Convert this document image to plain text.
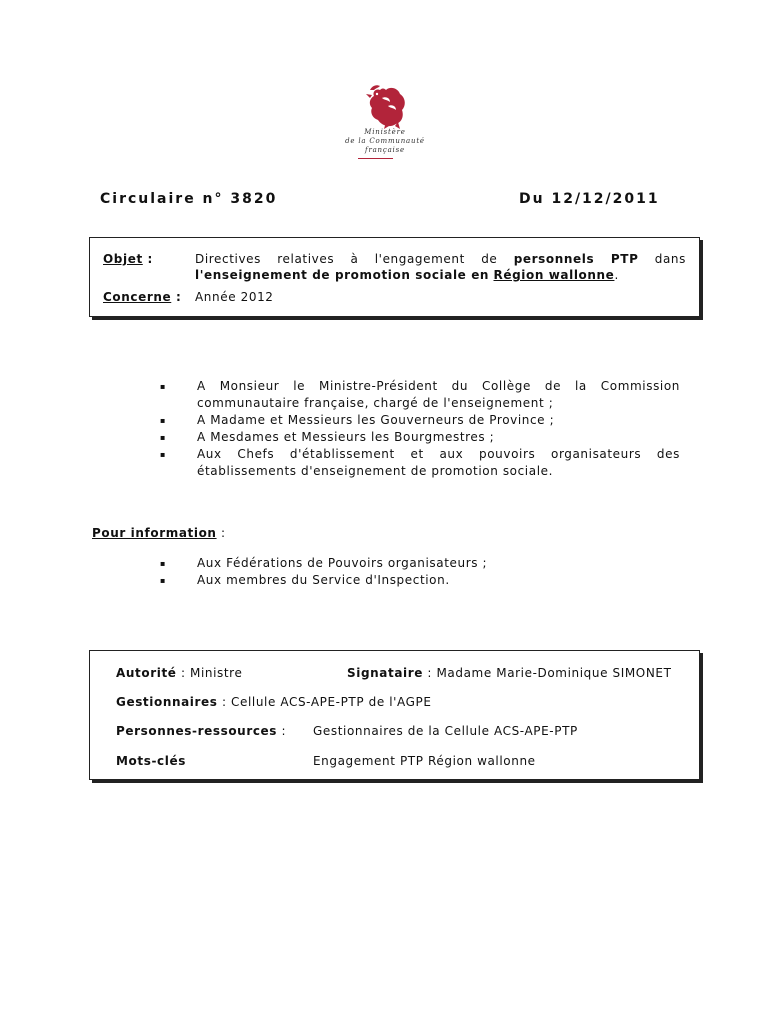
Ministère
de la Communauté
française
Circulaire n° 3820	Du 12/12/2011
Objet :	Directives relatives à l'engagement de personnels PTP dans
l'enseignement de promotion sociale en Région wallonne.
Concerne : Année 2012
▪	A Monsieur le Ministre-Président du Collège de la Commission communautaire française, chargé de l'enseignement ;
▪	A Madame et Messieurs les Gouverneurs de Province ;
▪	A Mesdames et Messieurs les Bourgmestres ;
▪	Aux Chefs d'établissement et aux pouvoirs organisateurs des établissements d'enseignement de promotion sociale.
Pour information :
▪	Aux Fédérations de Pouvoirs organisateurs ;
▪	Aux membres du Service d'Inspection.
Autorité : Ministre	Signataire : Madame Marie-Dominique SIMONET
Gestionnaires : Cellule ACS-APE-PTP de l'AGPE
Personnes-ressources : Gestionnaires de la Cellule ACS-APE-PTP
Mots-clés	Engagement PTP Région wallonne
